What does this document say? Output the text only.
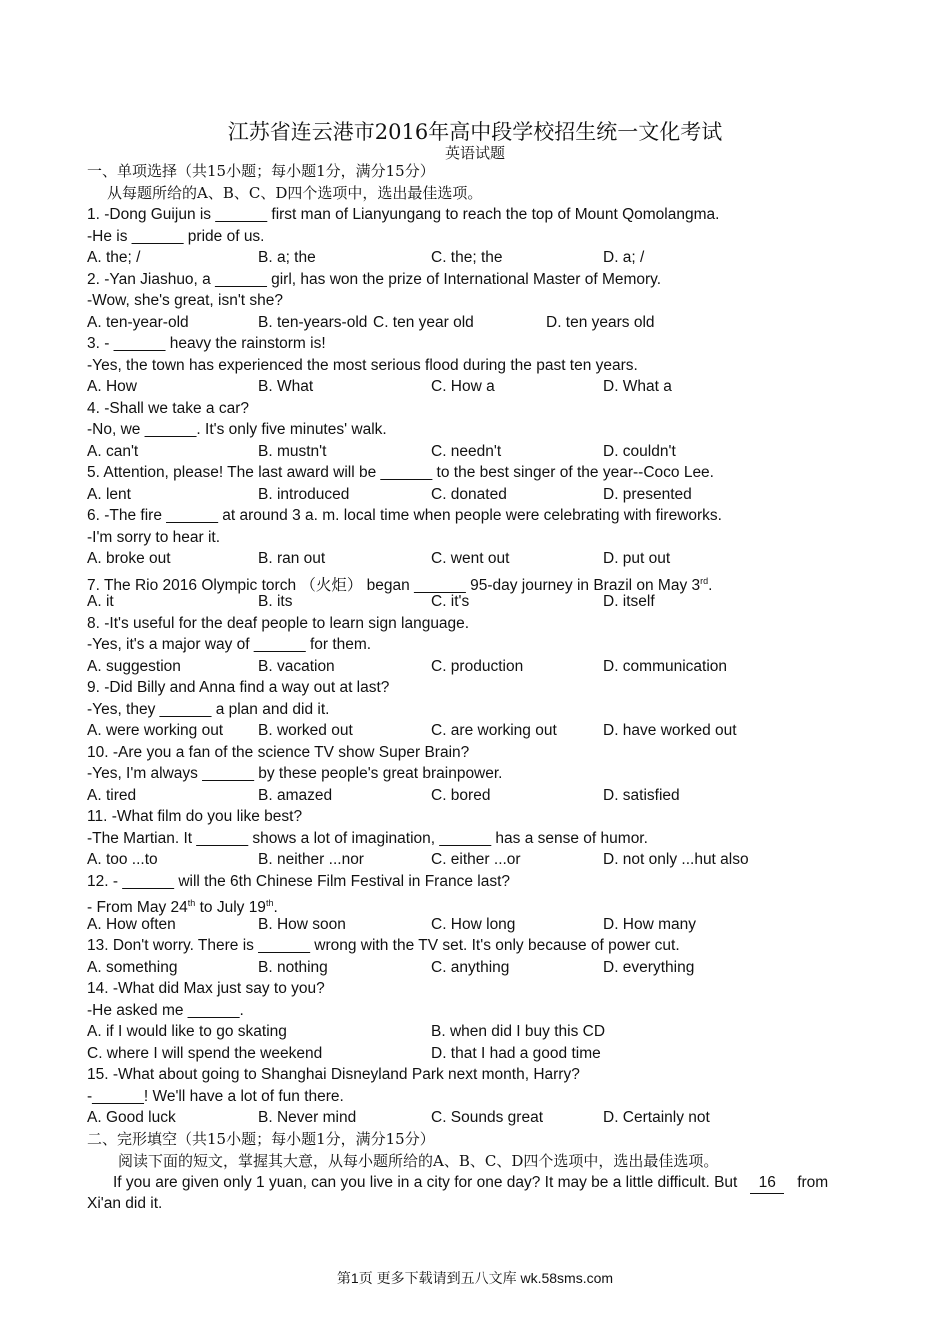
江苏省连云港市2016年高中段学校招生统一文化考试
英语试题
一、单项选择（共15小题；每小题1分，满分15分）
从每题所给的A、B、C、D四个选项中，选出最佳选项。
1. -Dong Guijun is ______ first man of Lianyungang to reach the top of Mount Qomolangma.
-He is ______ pride of us.
A. the; /	B. a; the	C. the; the	D. a; /
2. -Yan Jiashuo, a ______ girl, has won the prize of International Master of Memory.
-Wow, she's great, isn't she?
A. ten-year-old	B. ten-years-old C. ten year old	D. ten years old
3. - ______ heavy the rainstorm is!
-Yes, the town has experienced the most serious flood during the past ten years.
A. How	B. What	C. How a	D. What a
4. -Shall we take a car?
-No, we ______. It's only five minutes' walk.
A. can't	B. mustn't	C. needn't	D. couldn't
5. Attention, please! The last award will be ______ to the best singer of the year--Coco Lee.
A. lent	B. introduced	C. donated	D. presented
6. -The fire ______ at around 3 a. m. local time when people were celebrating with fireworks.
-I'm sorry to hear it.
A. broke out	B. ran out	C. went out	D. put out
7. The Rio 2016 Olympic torch （火炬） began ______ 95-day journey in Brazil on May 3rd.
A. it	B. its	C. it's	D. itself
8. -It's useful for the deaf people to learn sign language.
-Yes, it's a major way of ______ for them.
A. suggestion	B. vacation	C. production	D. communication
9. -Did Billy and Anna find a way out at last?
-Yes, they ______ a plan and did it.
A. were working out B. worked out	C. are working out	D. have worked out
10. -Are you a fan of the science TV show Super Brain?
-Yes, I'm always ______ by these people's great brainpower.
A. tired	B. amazed	C. bored	D. satisfied
11. -What film do you like best?
-The Martian. It ______ shows a lot of imagination, ______ has a sense of humor.
A. too ...to	B. neither ...nor	C. either ...or	D. not only ...hut also
12. - ______ will the 6th Chinese Film Festival in France last?
- From May 24th to July 19th.
A. How often	B. How soon	C. How long	D. How many
13. Don't worry. There is ______ wrong with the TV set. It's only because of power cut.
A. something	B. nothing	C. anything	D. everything
14. -What did Max just say to you?
-He asked me ______.
A. if I would like to go skating	B. when did I buy this CD
C. where I will spend the weekend	D. that I had a good time
15. -What about going to Shanghai Disneyland Park next month, Harry?
-______! We'll have a lot of fun there.
A. Good luck	B. Never mind	C. Sounds great	D. Certainly not
二、完形填空（共15小题；每小题1分，满分15分）
阅读下面的短文，掌握其大意，从每小题所给的A、B、C、D四个选项中，选出最佳选项。
If you are given only 1 yuan, can you live in a city for one day? It may be a little difficult. But 16 from
Xi'an did it.
第1页 更多下载请到五八文库 wk.58sms.com
